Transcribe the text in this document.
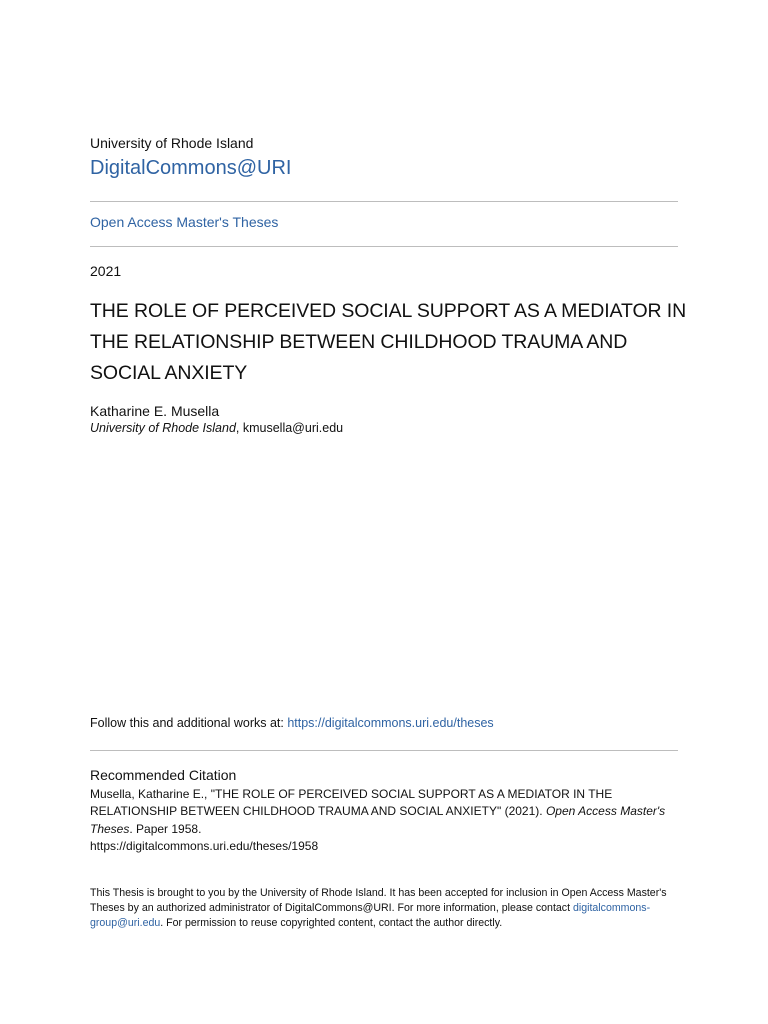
University of Rhode Island
DigitalCommons@URI
Open Access Master's Theses
2021
THE ROLE OF PERCEIVED SOCIAL SUPPORT AS A MEDIATOR IN THE RELATIONSHIP BETWEEN CHILDHOOD TRAUMA AND SOCIAL ANXIETY
Katharine E. Musella
University of Rhode Island, kmusella@uri.edu
Follow this and additional works at: https://digitalcommons.uri.edu/theses
Recommended Citation
Musella, Katharine E., "THE ROLE OF PERCEIVED SOCIAL SUPPORT AS A MEDIATOR IN THE RELATIONSHIP BETWEEN CHILDHOOD TRAUMA AND SOCIAL ANXIETY" (2021). Open Access Master's Theses. Paper 1958.
https://digitalcommons.uri.edu/theses/1958
This Thesis is brought to you by the University of Rhode Island. It has been accepted for inclusion in Open Access Master's Theses by an authorized administrator of DigitalCommons@URI. For more information, please contact digitalcommons-group@uri.edu. For permission to reuse copyrighted content, contact the author directly.
